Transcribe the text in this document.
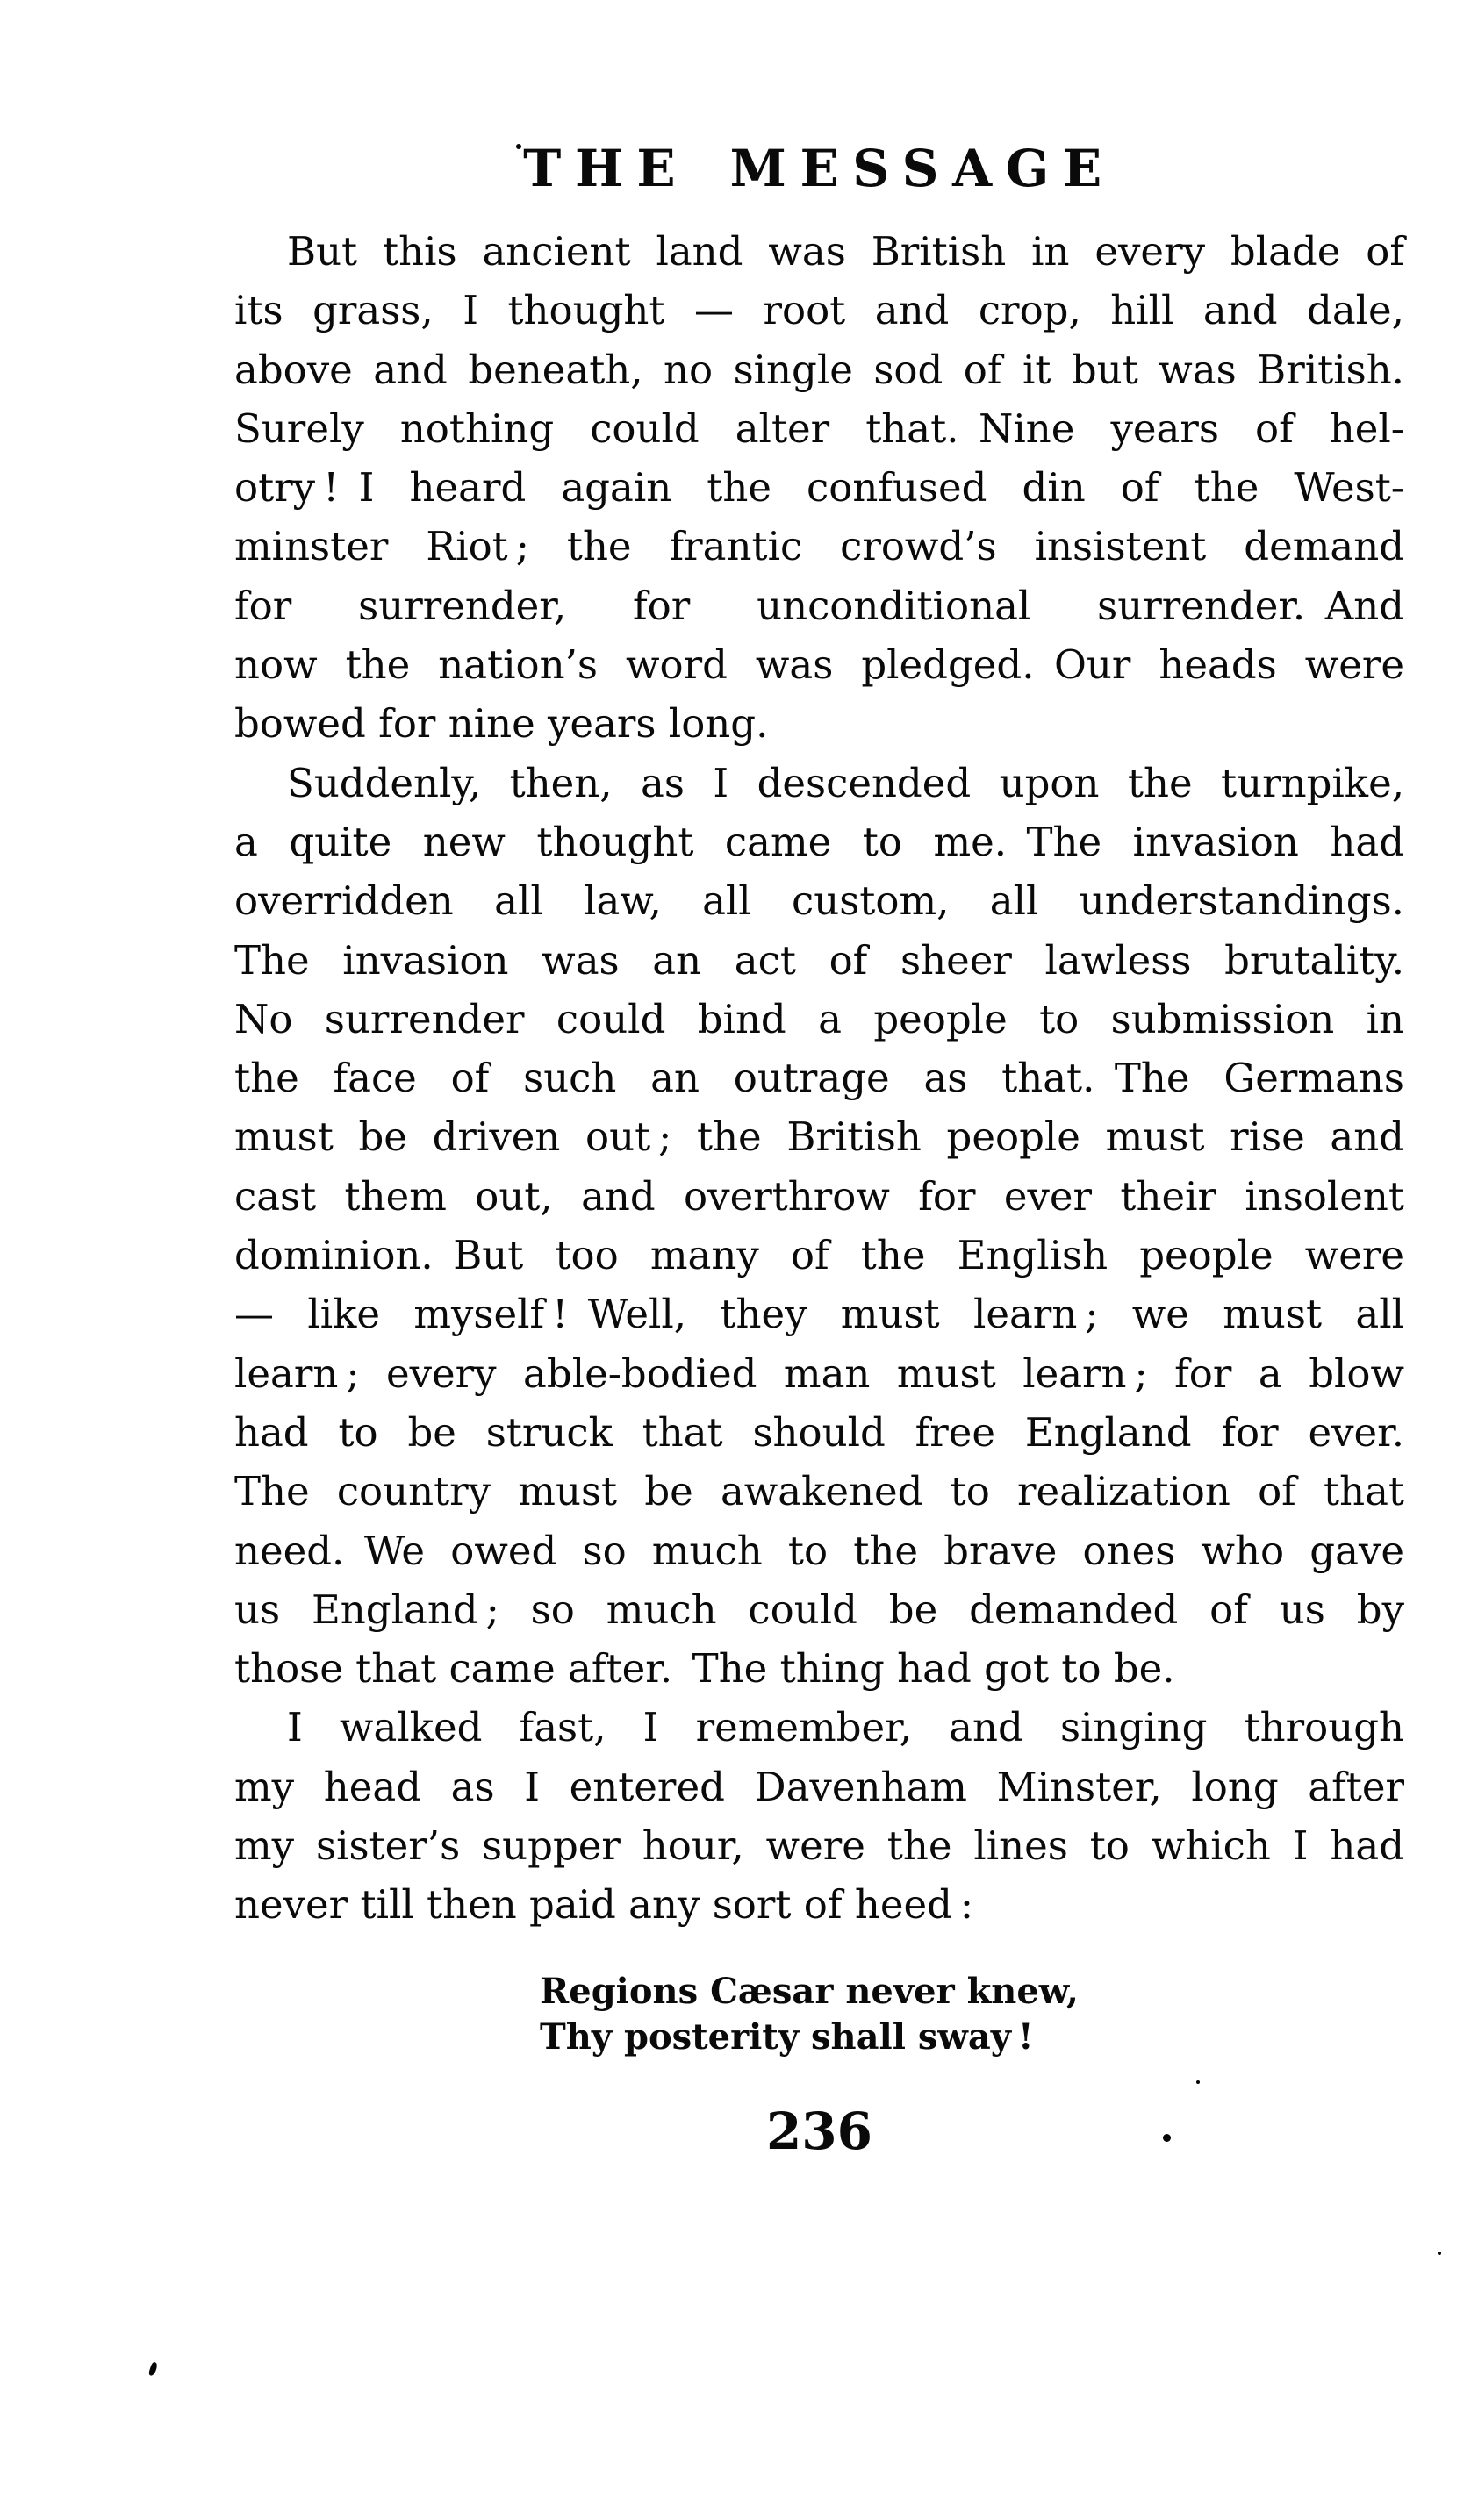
THE MESSAGE
But this ancient land was British in every blade of
its grass, I thought — root and crop, hill and dale,
above and beneath, no single sod of it but was British.
Surely nothing could alter that. Nine years of hel-
otry ! I heard again the confused din of the West-
minster Riot ; the frantic crowd’s insistent demand
for surrender, for unconditional surrender. And
now the nation’s word was pledged. Our heads were
bowed for nine years long.
Suddenly, then, as I descended upon the turnpike,
a quite new thought came to me. The invasion had
overridden all law, all custom, all understandings.
The invasion was an act of sheer lawless brutality.
No surrender could bind a people to submission in
the face of such an outrage as that. The Germans
must be driven out ; the British people must rise and
cast them out, and overthrow for ever their insolent
dominion. But too many of the English people were
— like myself ! Well, they must learn ; we must all
learn ; every able-bodied man must learn ; for a blow
had to be struck that should free England for ever.
The country must be awakened to realization of that
need. We owed so much to the brave ones who gave
us England ; so much could be demanded of us by
those that came after. The thing had got to be.
I walked fast, I remember, and singing through
my head as I entered Davenham Minster, long after
my sister’s supper hour, were the lines to which I had
never till then paid any sort of heed :
Regions Cæsar never knew,
Thy posterity shall sway !
236
